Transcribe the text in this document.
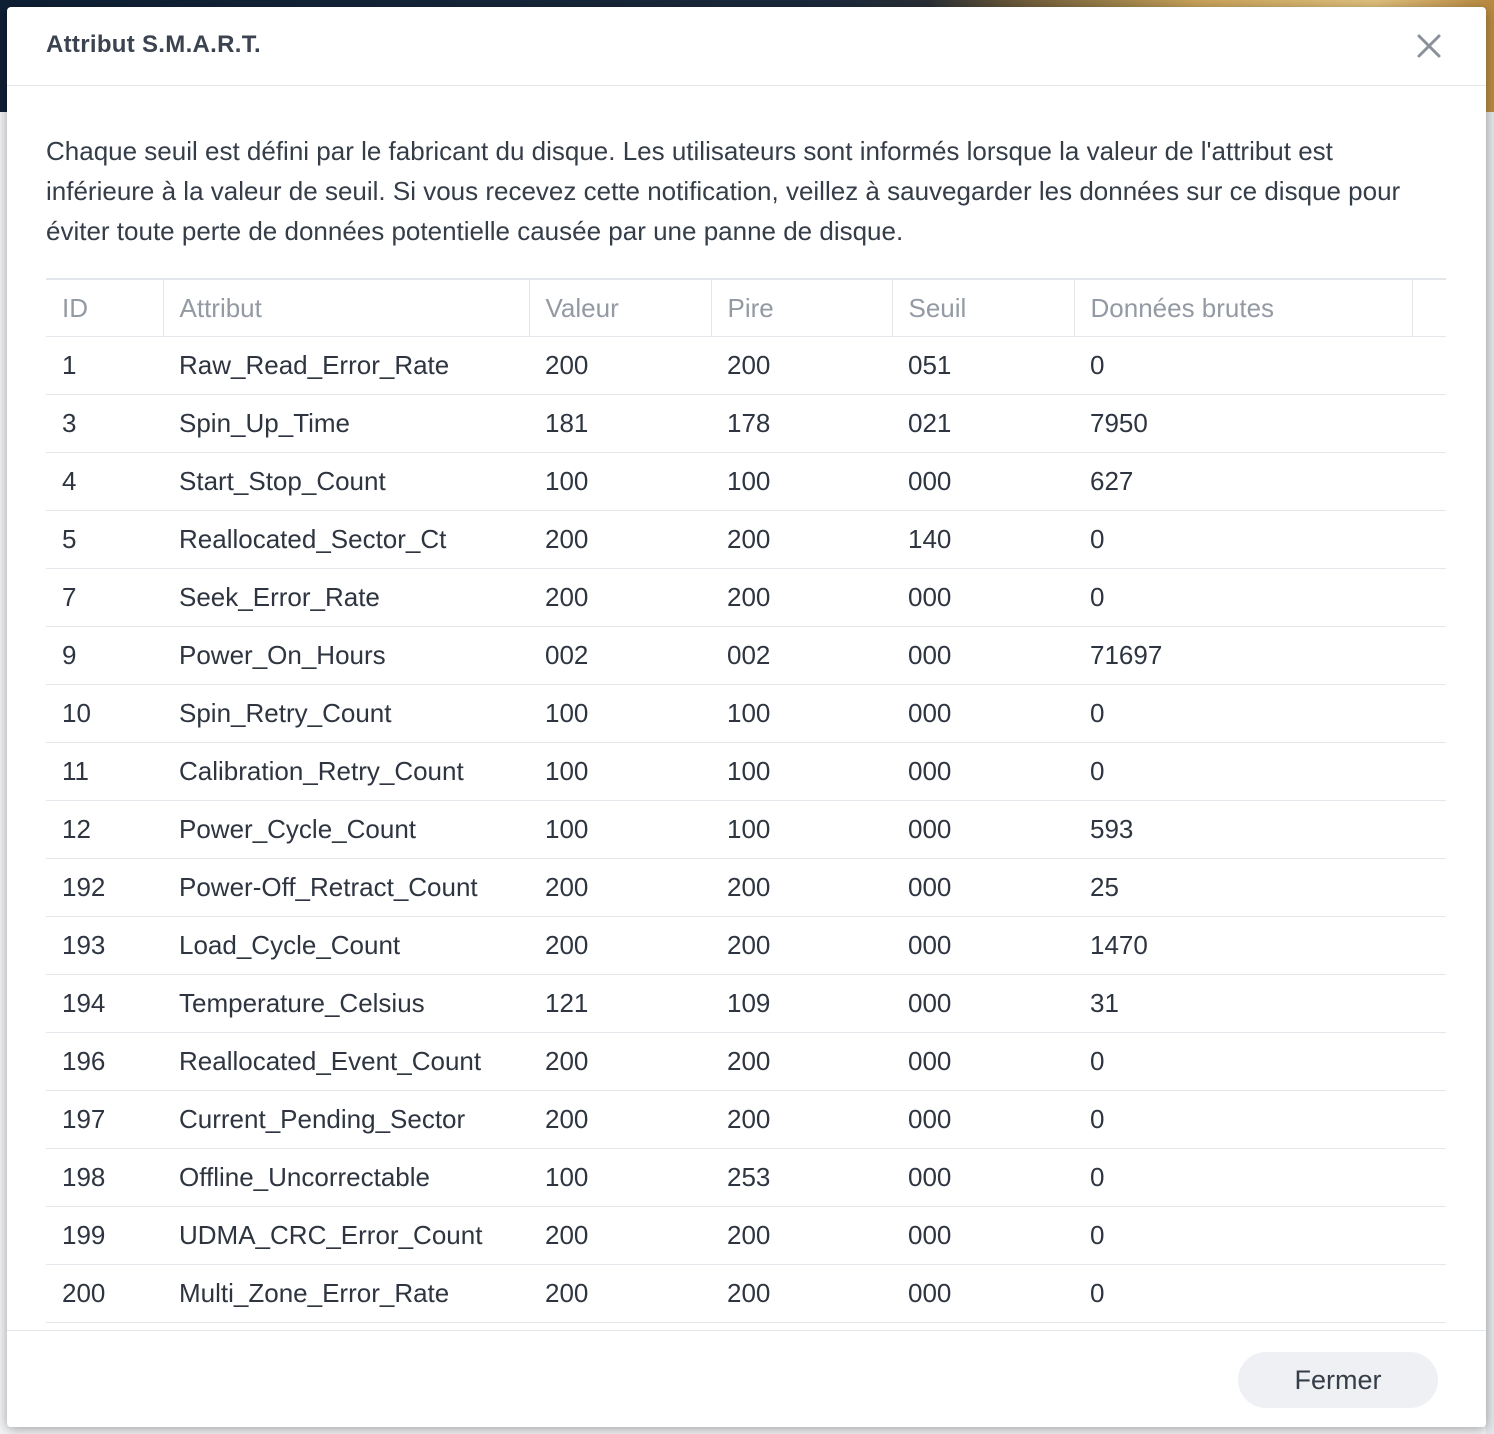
Attribut S.M.A.R.T.
Chaque seuil est défini par le fabricant du disque. Les utilisateurs sont informés lorsque la valeur de l'attribut est inférieure à la valeur de seuil. Si vous recevez cette notification, veillez à sauvegarder les données sur ce disque pour éviter toute perte de données potentielle causée par une panne de disque.
ID	Attribut	Valeur	Pire	Seuil	Données brutes	
1	Raw_Read_Error_Rate	200	200	051	0	
3	Spin_Up_Time	181	178	021	7950	
4	Start_Stop_Count	100	100	000	627	
5	Reallocated_Sector_Ct	200	200	140	0	
7	Seek_Error_Rate	200	200	000	0	
9	Power_On_Hours	002	002	000	71697	
10	Spin_Retry_Count	100	100	000	0	
11	Calibration_Retry_Count	100	100	000	0	
12	Power_Cycle_Count	100	100	000	593	
192	Power-Off_Retract_Count	200	200	000	25	
193	Load_Cycle_Count	200	200	000	1470	
194	Temperature_Celsius	121	109	000	31	
196	Reallocated_Event_Count	200	200	000	0	
197	Current_Pending_Sector	200	200	000	0	
198	Offline_Uncorrectable	100	253	000	0	
199	UDMA_CRC_Error_Count	200	200	000	0	
200	Multi_Zone_Error_Rate	200	200	000	0	
Fermer
